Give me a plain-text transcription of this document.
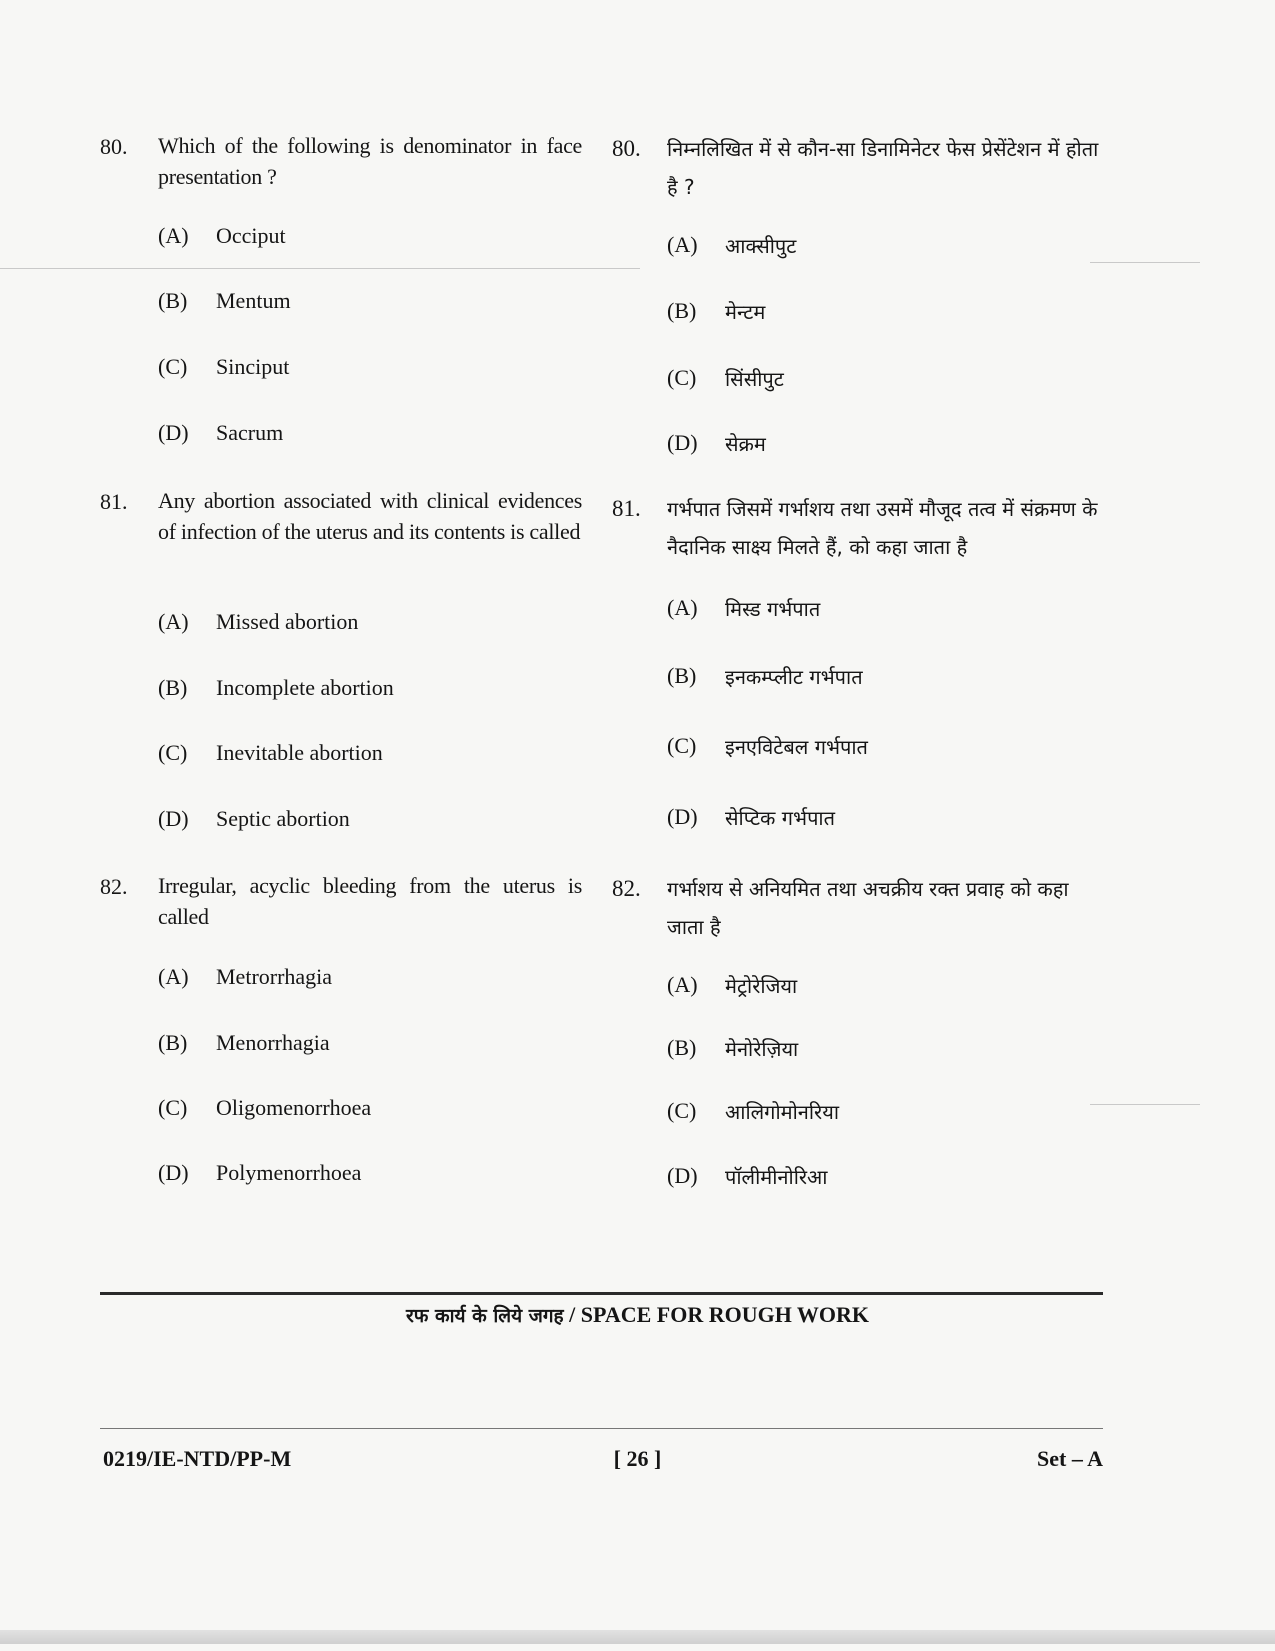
80.	Which of the following is denominator in face presentation ?
(A)	Occiput
(B)	Mentum
(C)	Sinciput
(D)	Sacrum
81.	Any abortion associated with clinical evidences of infection of the uterus and its contents is called
(A)	Missed abortion
(B)	Incomplete abortion
(C)	Inevitable abortion
(D)	Septic abortion
82.	Irregular, acyclic bleeding from the uterus is called
(A)	Metrorrhagia
(B)	Menorrhagia
(C)	Oligomenorrhoea
(D)	Polymenorrhoea
80.	निम्नलिखित में से कौन-सा डिनामिनेटर फेस प्रेसेंटेशन में होता है ?
(A)	आक्सीपुट
(B)	मेन्टम
(C)	सिंसीपुट
(D)	सेक्रम
81.	गर्भपात जिसमें गर्भाशय तथा उसमें मौजूद तत्व में संक्रमण के नैदानिक साक्ष्य मिलते हैं, को कहा जाता है
(A)	मिस्ड गर्भपात
(B)	इनकम्प्लीट गर्भपात
(C)	इनएविटेबल गर्भपात
(D)	सेप्टिक गर्भपात
82.	गर्भाशय से अनियमित तथा अचक्रीय रक्त प्रवाह को कहा जाता है
(A)	मेट्रोरेजिया
(B)	मेनोरेज़िया
(C)	आलिगोमोनरिया
(D)	पॉलीमीनोरिआ
रफ कार्य के लिये जगह / SPACE FOR ROUGH WORK
0219/IE-NTD/PP-M	[ 26 ]	Set – A
